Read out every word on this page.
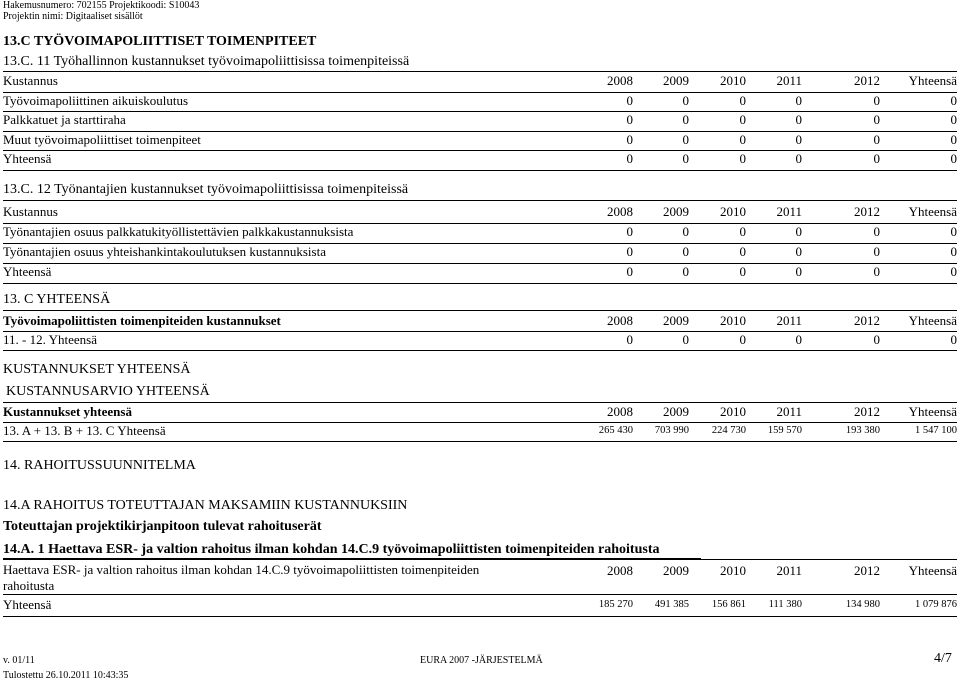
Hakemusnumero: 702155 Projektikoodi: S10043
Projektin nimi: Digitaaliset sisällöt
13.C TYÖVOIMAPOLIITTISET TOIMENPITEET
13.C. 11 Työhallinnon kustannukset työvoimapoliittisissa toimenpiteissä
Kustannus	2008	2009	2010	2011	2012	Yhteensä
Työvoimapoliittinen aikuiskoulutus	0	0	0	0	0	0
Palkkatuet ja starttiraha	0	0	0	0	0	0
Muut työvoimapoliittiset toimenpiteet	0	0	0	0	0	0
Yhteensä	0	0	0	0	0	0
13.C. 12 Työnantajien kustannukset työvoimapoliittisissa toimenpiteissä
Kustannus	2008	2009	2010	2011	2012	Yhteensä
Työnantajien osuus palkkatukityöllistettävien palkkakustannuksista	0	0	0	0	0	0
Työnantajien osuus yhteishankintakoulutuksen kustannuksista	0	0	0	0	0	0
Yhteensä	0	0	0	0	0	0
13. C YHTEENSÄ
Työvoimapoliittisten toimenpiteiden kustannukset	2008	2009	2010	2011	2012	Yhteensä
11. - 12. Yhteensä	0	0	0	0	0	0
KUSTANNUKSET YHTEENSÄ
KUSTANNUSARVIO YHTEENSÄ
Kustannukset yhteensä	2008	2009	2010	2011	2012	Yhteensä
13. A + 13. B + 13. C Yhteensä	265 430	703 990	224 730	159 570	193 380	1 547 100
14. RAHOITUSSUUNNITELMA
14.A RAHOITUS TOTEUTTAJAN MAKSAMIIN KUSTANNUKSIIN
Toteuttajan projektikirjanpitoon tulevat rahoituserät
14.A. 1 Haettava ESR- ja valtion rahoitus ilman kohdan 14.C.9 työvoimapoliittisten toimenpiteiden rahoitusta
Haettava ESR- ja valtion rahoitus ilman kohdan 14.C.9 työvoimapoliittisten toimenpiteiden
rahoitusta
2008	2009	2010	2011	2012	Yhteensä
Yhteensä	185 270	491 385	156 861	111 380	134 980	1 079 876
v. 01/11	EURA 2007 -JÄRJESTELMÄ	4/7
Tulostettu 26.10.2011 10:43:35
